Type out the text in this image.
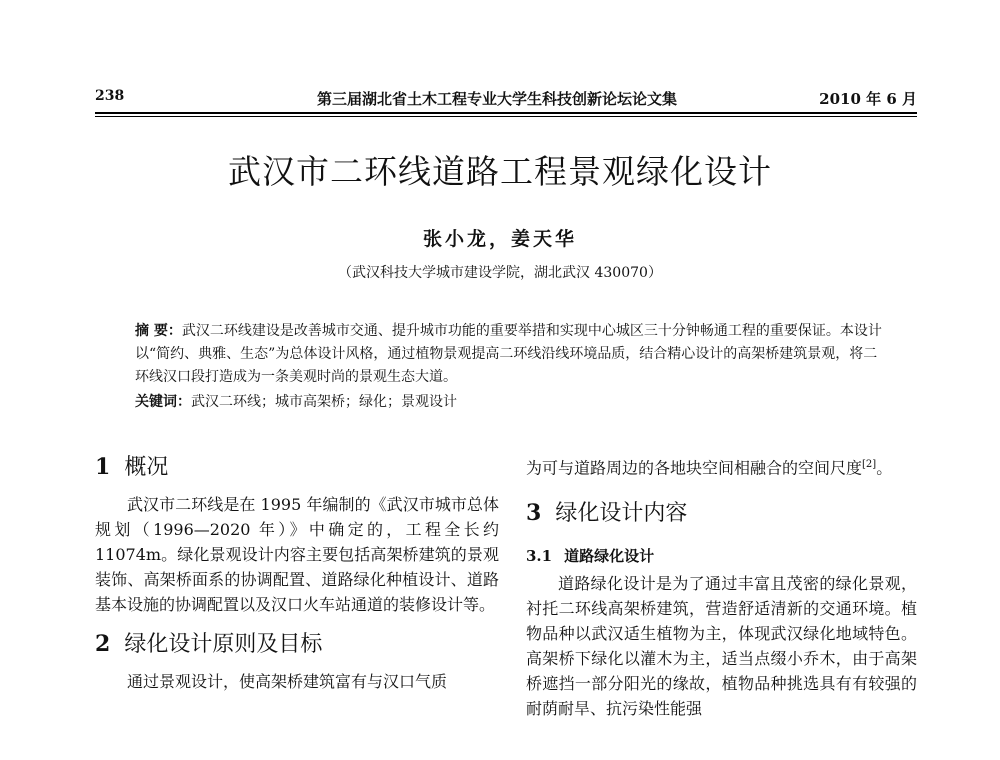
238	第三届湖北省土木工程专业大学生科技创新论坛论文集	2010 年 6 月
武汉市二环线道路工程景观绿化设计
张小龙，姜天华
（武汉科技大学城市建设学院，湖北武汉 430070）

摘 要：武汉二环线建设是改善城市交通、提升城市功能的重要举措和实现中心城区三十分钟畅通工程的重要保证。本设计以“简约、典雅、生态”为总体设计风格，通过植物景观提高二环线沿线环境品质，结合精心设计的高架桥建筑景观，将二环线汉口段打造成为一条美观时尚的景观生态大道。

关键词：武汉二环线；城市高架桥；绿化；景观设计

1 概况

武汉市二环线是在 1995 年编制的《武汉市城市总体规划（1996—2020 年）》中确定的，工程全长约 11074m。绿化景观设计内容主要包括高架桥建筑的景观装饰、高架桥面系的协调配置、道路绿化种植设计、道路基本设施的协调配置以及汉口火车站通道的装修设计等。

2 绿化设计原则及目标

通过景观设计，使高架桥建筑富有与汉口气质

为可与道路周边的各地块空间相融合的空间尺度[2]。

3 绿化设计内容
3.1 道路绿化设计

道路绿化设计是为了通过丰富且茂密的绿化景观，衬托二环线高架桥建筑，营造舒适清新的交通环境。植物品种以武汉适生植物为主，体现武汉绿化地域特色。高架桥下绿化以灌木为主，适当点缀小乔木，由于高架桥遮挡一部分阳光的缘故，植物品种挑选具有有较强的耐荫耐旱、抗污染性能强
